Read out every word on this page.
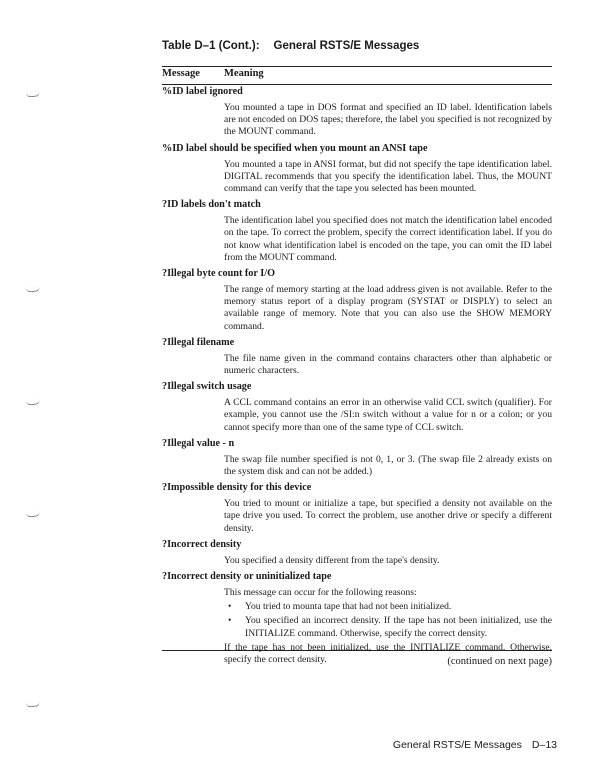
Table D–1 (Cont.): General RSTS/E Messages
Message Meaning
%ID label ignored
You mounted a tape in DOS format and specified an ID label. Identification labels are not encoded on DOS tapes; therefore, the label you specified is not recognized by the MOUNT command.
%ID label should be specified when you mount an ANSI tape
You mounted a tape in ANSI format, but did not specify the tape identification label. DIGITAL recommends that you specify the identification label. Thus, the MOUNT command can verify that the tape you selected has been mounted.
?ID labels don't match
The identification label you specified does not match the identification label encoded on the tape. To correct the problem, specify the correct identification label. If you do not know what identification label is encoded on the tape, you can omit the ID label from the MOUNT command.
?Illegal byte count for I/O
The range of memory starting at the load address given is not available. Refer to the memory status report of a display program (SYSTAT or DISPLY) to select an available range of memory. Note that you can also use the SHOW MEMORY command.
?Illegal filename
The file name given in the command contains characters other than alphabetic or numeric characters.
?Illegal switch usage
A CCL command contains an error in an otherwise valid CCL switch (qualifier). For example, you cannot use the /SI:n switch without a value for n or a colon; or you cannot specify more than one of the same type of CCL switch.
?Illegal value - n
The swap file number specified is not 0, 1, or 3. (The swap file 2 already exists on the system disk and can not be added.)
?Impossible density for this device
You tried to mount or initialize a tape, but specified a density not available on the tape drive you used. To correct the problem, use another drive or specify a different density.
?Incorrect density
You specified a density different from the tape's density.
?Incorrect density or uninitialized tape
This message can occur for the following reasons:
•	You tried to mounta tape that had not been initialized.
•	You specified an incorrect density. If the tape has not been initialized, use the INITIALIZE command. Otherwise, specify the correct density.
If the tape has not been initialized, use the INITIALIZE command. Otherwise, specify the correct density.	(continued on next page)
General RSTS/E Messages D–13
